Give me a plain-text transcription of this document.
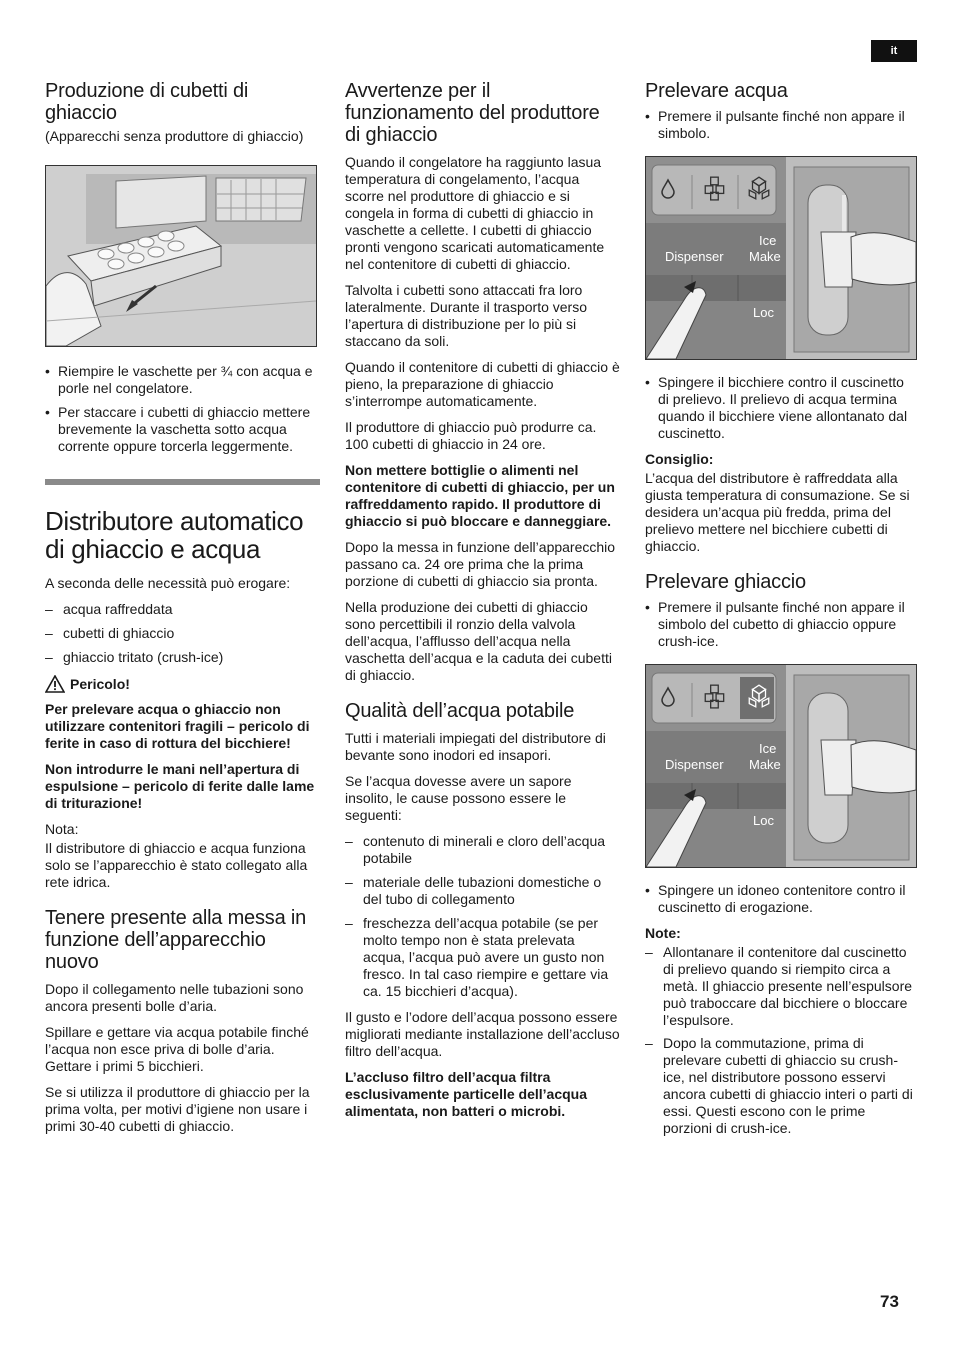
it
Produzione di cubetti di ghiaccio
(Apparecchi senza produttore di ghiaccio)
• Riempire le vaschette per ¾ con acqua e porle nel congelatore.
• Per staccare i cubetti di ghiaccio mettere brevemente la vaschetta sotto acqua corrente oppure torcerla leggermente.
Distributore automatico di ghiaccio e acqua

A seconda delle necessità può erogare:

– acqua raffreddata
– cubetti di ghiaccio
– ghiaccio tritato (crush-ice)
Pericolo!

Per prelevare acqua o ghiaccio non utilizzare contenitori fragili – pericolo di ferite in caso di rottura del bicchiere!

Non introdurre le mani nell’apertura di espulsione – pericolo di ferite dalle lame di triturazione!

Nota:

Il distributore di ghiaccio e acqua funziona solo se l’apparecchio è stato collegato alla rete idrica.

Tenere presente alla messa in funzione dell’apparecchio nuovo

Dopo il collegamento nelle tubazioni sono ancora presenti bolle d’aria.

Spillare e gettare via acqua potabile finché l’acqua non esce priva di bolle d’aria. Gettare i primi 5 bicchieri.

Se si utilizza il produttore di ghiaccio per la prima volta, per motivi d’igiene non usare i primi 30-40 cubetti di ghiaccio.

Avvertenze per il funzionamento del produttore di ghiaccio

Quando il congelatore ha raggiunto lasua temperatura di congelamento, l’acqua scorre nel produttore di ghiaccio e si congela in forma di cubetti di ghiaccio in vaschette a cellette. I cubetti di ghiaccio pronti vengono scaricati automaticamente nel contenitore di cubetti di ghiaccio.

Talvolta i cubetti sono attaccati fra loro lateralmente. Durante il trasporto verso l’apertura di distribuzione per lo più si staccano da soli.

Quando il contenitore di cubetti di ghiaccio è pieno, la preparazione di ghiaccio s’interrompe automaticamente.

Il produttore di ghiaccio può produrre ca. 100 cubetti di ghiaccio in 24 ore.

Non mettere bottiglie o alimenti nel contenitore di cubetti di ghiaccio, per un raffreddamento rapido. Il produttore di ghiaccio si può bloccare e danneggiare.

Dopo la messa in funzione dell’apparecchio passano ca. 24 ore prima che la prima porzione di cubetti di ghiaccio sia pronta.

Nella produzione dei cubetti di ghiaccio sono percettibili il ronzio della valvola dell’acqua, l’afflusso dell’acqua nella vaschetta dell’acqua e la caduta dei cubetti di ghiaccio.

Qualità dell’acqua potabile

Tutti i materiali impiegati del distributore di bevante sono inodori ed insapori.

Se l’acqua dovesse avere un sapore insolito, le cause possono essere le seguenti:

– contenuto di minerali e cloro dell’acqua potabile
– materiale delle tubazioni domestiche o del tubo di collegamento
– freschezza dell’acqua potabile (se per molto tempo non è stata prelevata acqua, l’acqua può avere un gusto non fresco. In tal caso riempire e gettare via ca. 15 bicchieri d’acqua).

Il gusto e l’odore dell’acqua possono essere migliorati mediante installazione dell’accluso filtro dell’acqua.

L’accluso filtro dell’acqua filtra esclusivamente particelle dell’acqua alimentata, non batteri o microbi.

Prelevare acqua
• Premere il pulsante finché non appare il simbolo.
Dispenser
Ice
Make
Loc
• Spingere il bicchiere contro il cuscinetto di prelievo. Il prelievo di acqua termina quando il bicchiere viene allontanato dal cuscinetto.

Consiglio:

L’acqua del distributore è raffreddata alla giusta temperatura di consumazione. Se si desidera un’acqua più fredda, prima del prelievo mettere nel bicchiere cubetti di ghiaccio.

Prelevare ghiaccio
• Premere il pulsante finché non appare il simbolo del cubetto di ghiaccio oppure crush-ice.
Dispenser
Ice
Make
Loc
• Spingere un idoneo contenitore contro il cuscinetto di erogazione.

Note:

– Allontanare il contenitore dal cuscinetto di prelievo quando si riempito circa a metà. Il ghiaccio presente nell’espulsore può traboccare dal bicchiere o bloccare l’espulsore.
– Dopo la commutazione, prima di prelevare cubetti di ghiaccio su crush-ice, nel distributore possono esservi ancora cubetti di ghiaccio interi o parti di essi. Questi escono con le prime porzioni di crush-ice.
73
